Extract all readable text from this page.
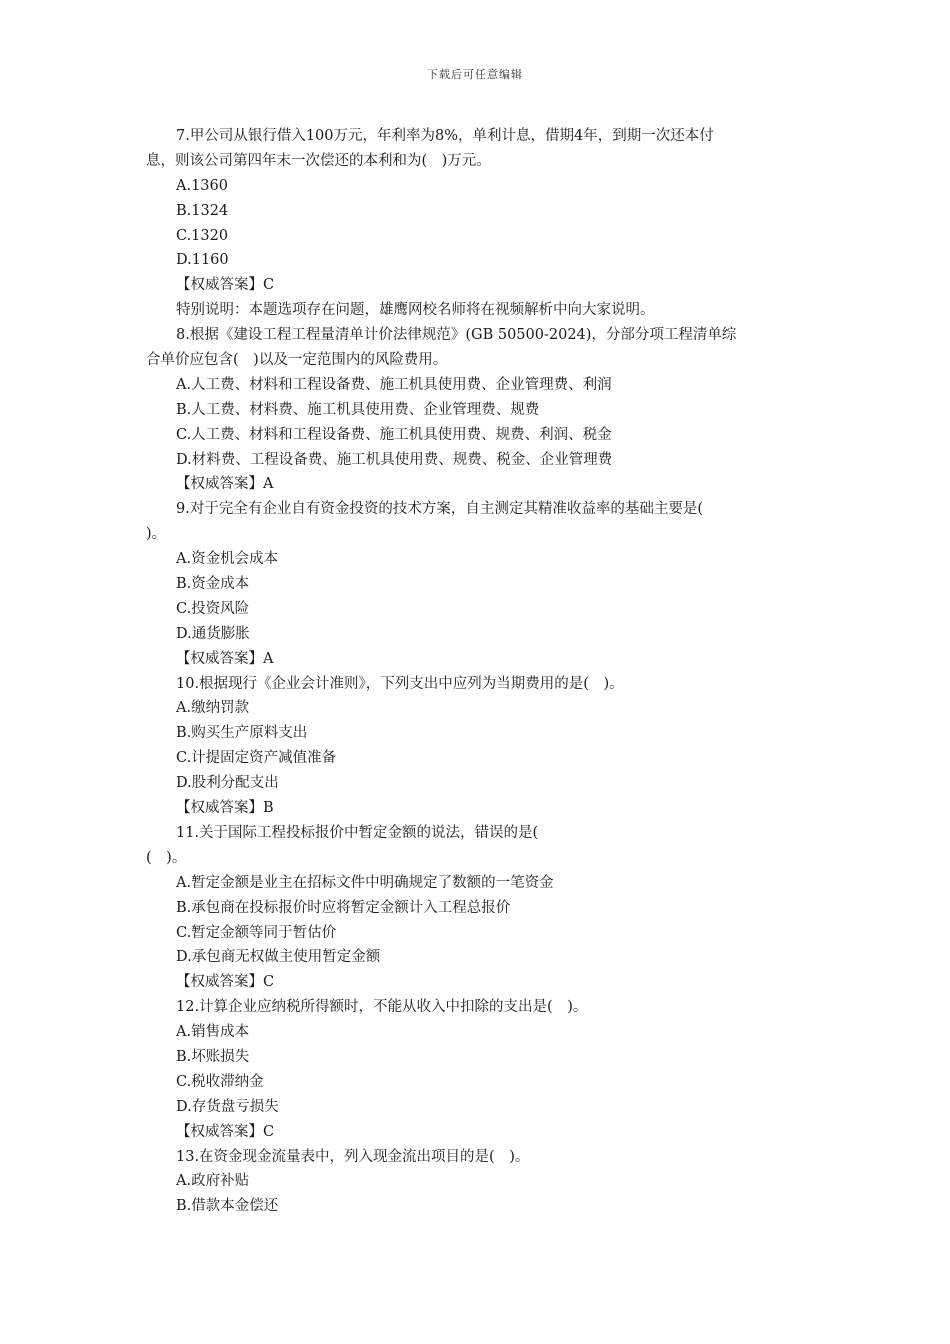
下载后可任意编辑
7.甲公司从银行借入100万元，年利率为8%，单利计息，借期4年，到期一次还本付
息，则该公司第四年末一次偿还的本利和为(　)万元。
A.1360
B.1324
C.1320
D.1160
【权威答案】C
特别说明：本题选项存在问题，雄鹰网校名师将在视频解析中向大家说明。
8.根据《建设工程工程量清单计价法律规范》(GB 50500-2024)，分部分项工程清单综
合单价应包含(　)以及一定范围内的风险费用。
A.人工费、材料和工程设备费、施工机具使用费、企业管理费、利润
B.人工费、材料费、施工机具使用费、企业管理费、规费
C.人工费、材料和工程设备费、施工机具使用费、规费、利润、税金
D.材料费、工程设备费、施工机具使用费、规费、税金、企业管理费
【权威答案】A
9.对于完全有企业自有资金投资的技术方案，自主测定其精准收益率的基础主要是(
)。
A.资金机会成本
B.资金成本
C.投资风险
D.通货膨胀
【权威答案】A
10.根据现行《企业会计准则》，下列支出中应列为当期费用的是(　)。
A.缴纳罚款
B.购买生产原料支出
C.计提固定资产减值准备
D.股利分配支出
【权威答案】B
11.关于国际工程投标报价中暂定金额的说法，错误的是(
(　)。
A.暂定金额是业主在招标文件中明确规定了数额的一笔资金
B.承包商在投标报价时应将暂定金额计入工程总报价
C.暂定金额等同于暂估价
D.承包商无权做主使用暂定金额
【权威答案】C
12.计算企业应纳税所得额时，不能从收入中扣除的支出是(　)。
A.销售成本
B.坏账损失
C.税收滞纳金
D.存货盘亏损失
【权威答案】C
13.在资金现金流量表中，列入现金流出项目的是(　)。
A.政府补贴
B.借款本金偿还
